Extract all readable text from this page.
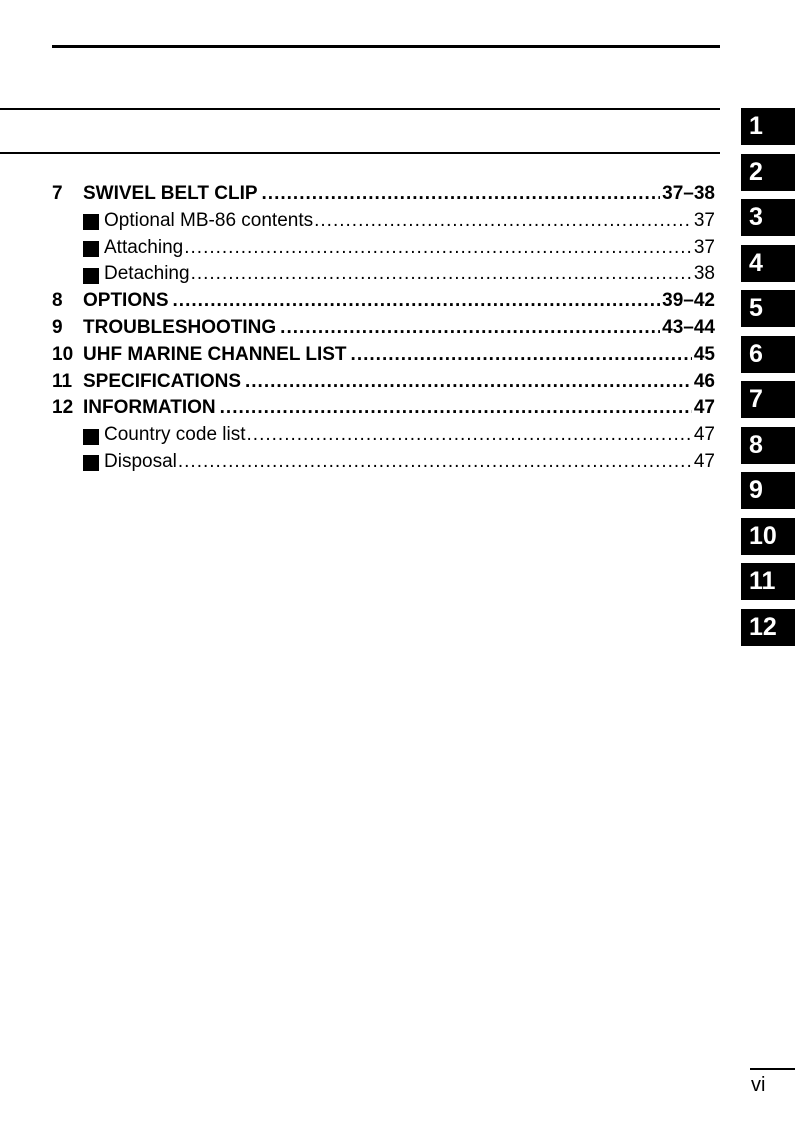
7	SWIVEL BELT CLIP .....	37–38
Optional MB-86 contents .....	37
Attaching .....	37
Detaching .....	38
8	OPTIONS .....	39–42
9	TROUBLESHOOTING .....	43–44
10 UHF MARINE CHANNEL LIST .....	45
11 SPECIFICATIONS .....	46
12 INFORMATION .....	47
Country code list .....	47
Disposal .....	47
1
2
3
4
5
6
7
8
9
10
11
12
vi
